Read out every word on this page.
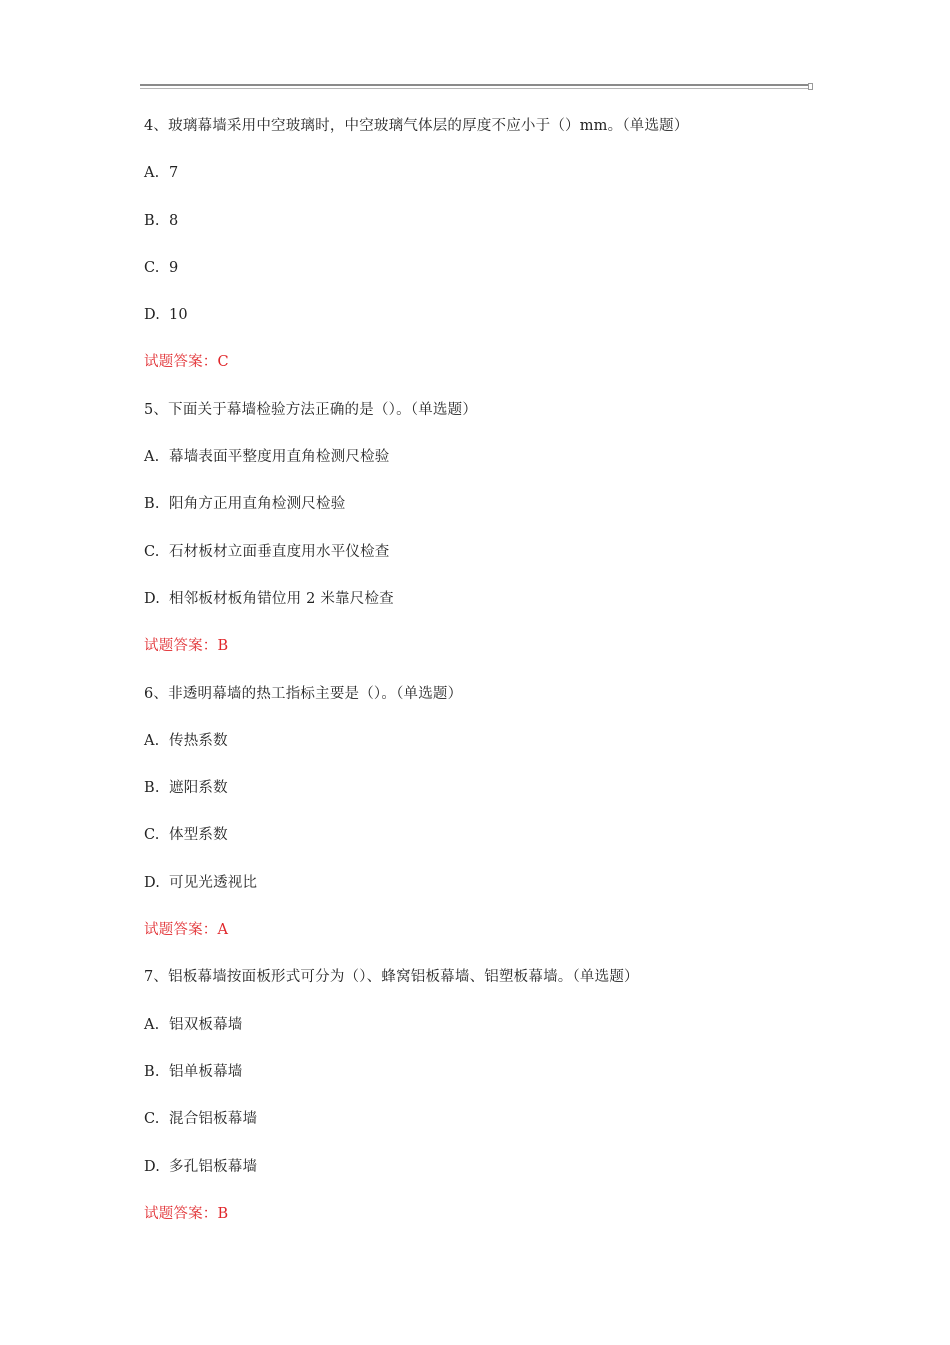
4、玻璃幕墙采用中空玻璃时，中空玻璃气体层的厚度不应小于（）mm。（单选题）
A. 7
B. 8
C. 9
D. 10
试题答案：C
5、下面关于幕墙检验方法正确的是（）。（单选题）
A. 幕墙表面平整度用直角检测尺检验
B. 阳角方正用直角检测尺检验
C. 石材板材立面垂直度用水平仪检查
D. 相邻板材板角错位用 2 米靠尺检查
试题答案：B
6、非透明幕墙的热工指标主要是（）。（单选题）
A. 传热系数
B. 遮阳系数
C. 体型系数
D. 可见光透视比
试题答案：A
7、铝板幕墙按面板形式可分为（）、蜂窝铝板幕墙、铝塑板幕墙。（单选题）
A. 铝双板幕墙
B. 铝单板幕墙
C. 混合铝板幕墙
D. 多孔铝板幕墙
试题答案：B
